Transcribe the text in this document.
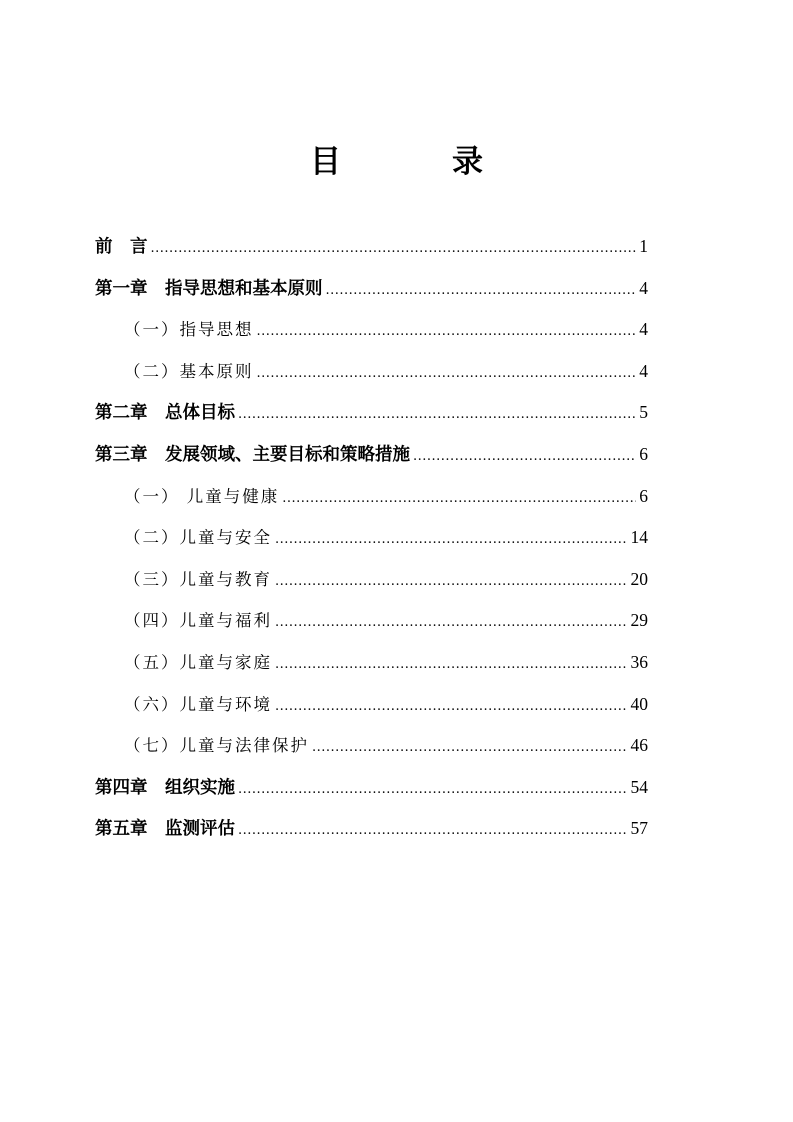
目　录
前　言 .....	1
第一章　指导思想和基本原则 .....	4
（一）指导思想 .....	4
（二）基本原则 .....	4
第二章　总体目标 .....	5
第三章　发展领域、主要目标和策略措施 .....	6
（一） 儿童与健康 .....	6
（二）儿童与安全 .....	14
（三）儿童与教育 .....	20
（四）儿童与福利 .....	29
（五）儿童与家庭 .....	36
（六）儿童与环境 .....	40
（七）儿童与法律保护 .....	46
第四章　组织实施 .....	54
第五章　监测评估 .....	57
